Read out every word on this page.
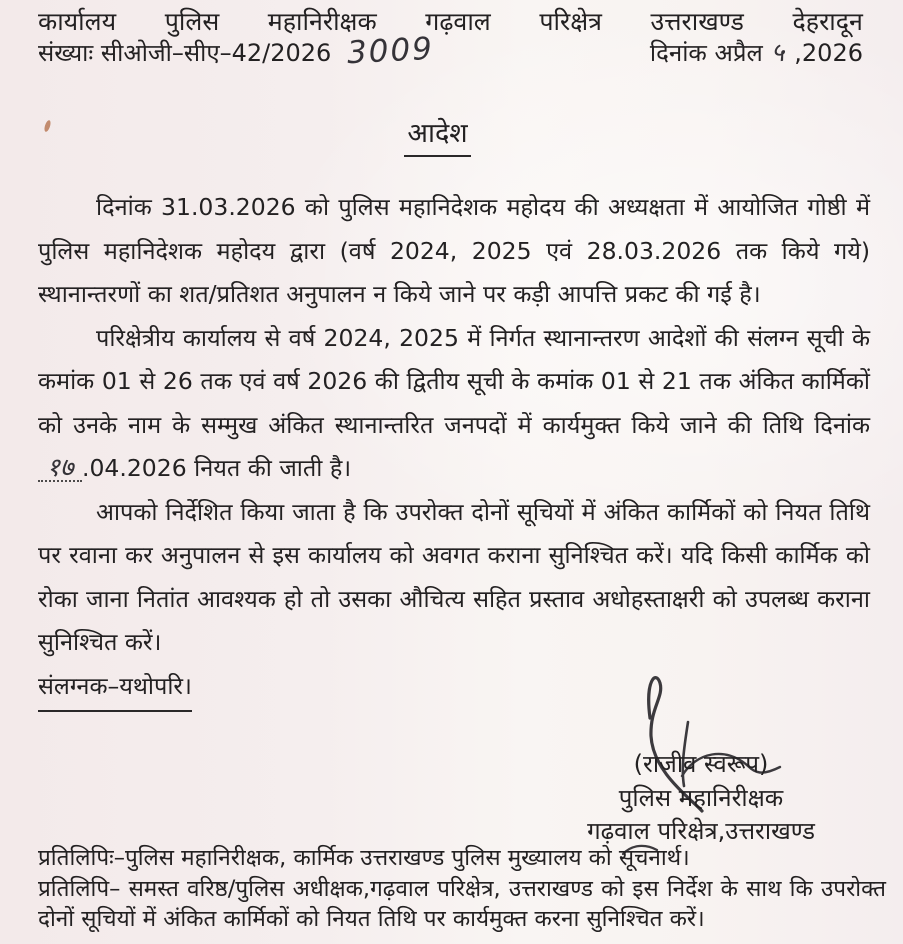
कार्यालय पुलिस महानिरीक्षक गढ़वाल परिक्षेत्र उत्तराखण्ड देहरादून
संख्याः सीओजी–सीए–42/2026 3009	दिनांक अप्रैल ५ ,2026
आदेश

दिनांक 31.03.2026 को पुलिस महानिदेशक महोदय की अध्यक्षता में आयोजित गोष्ठी में पुलिस महानिदेशक महोदय द्वारा (वर्ष 2024, 2025 एवं 28.03.2026 तक किये गये) स्थानान्तरणों का शत/प्रतिशत अनुपालन न किये जाने पर कड़ी आपत्ति प्रकट की गई है।

परिक्षेत्रीय कार्यालय से वर्ष 2024, 2025 में निर्गत स्थानान्तरण आदेशों की संलग्न सूची के कमांक 01 से 26 तक एवं वर्ष 2026 की द्वितीय सूची के कमांक 01 से 21 तक अंकित कार्मिकों को उनके नाम के सम्मुख अंकित स्थानान्तरित जनपदों में कार्यमुक्त किये जाने की तिथि दिनांक १७ .04.2026 नियत की जाती है।

आपको निर्देशित किया जाता है कि उपरोक्त दोनों सूचियों में अंकित कार्मिकों को नियत तिथि पर रवाना कर अनुपालन से इस कार्यालय को अवगत कराना सुनिश्चित करें। यदि किसी कार्मिक को रोका जाना नितांत आवश्यक हो तो उसका औचित्य सहित प्रस्ताव अधोहस्ताक्षरी को उपलब्ध कराना सुनिश्चित करें।

संलग्नक–यथोपरि।

(राजीव स्वरूप)
पुलिस महानिरीक्षक
गढ़वाल परिक्षेत्र,उत्तराखण्ड

प्रतिलिपिः–पुलिस महानिरीक्षक, कार्मिक उत्तराखण्ड पुलिस मुख्यालय को सूचनार्थ।

प्रतिलिपि– समस्त वरिष्ठ/पुलिस अधीक्षक,गढ़वाल परिक्षेत्र, उत्तराखण्ड को इस निर्देश के साथ कि उपरोक्त दोनों सूचियों में अंकित कार्मिकों को नियत तिथि पर कार्यमुक्त करना सुनिश्चित करें।
